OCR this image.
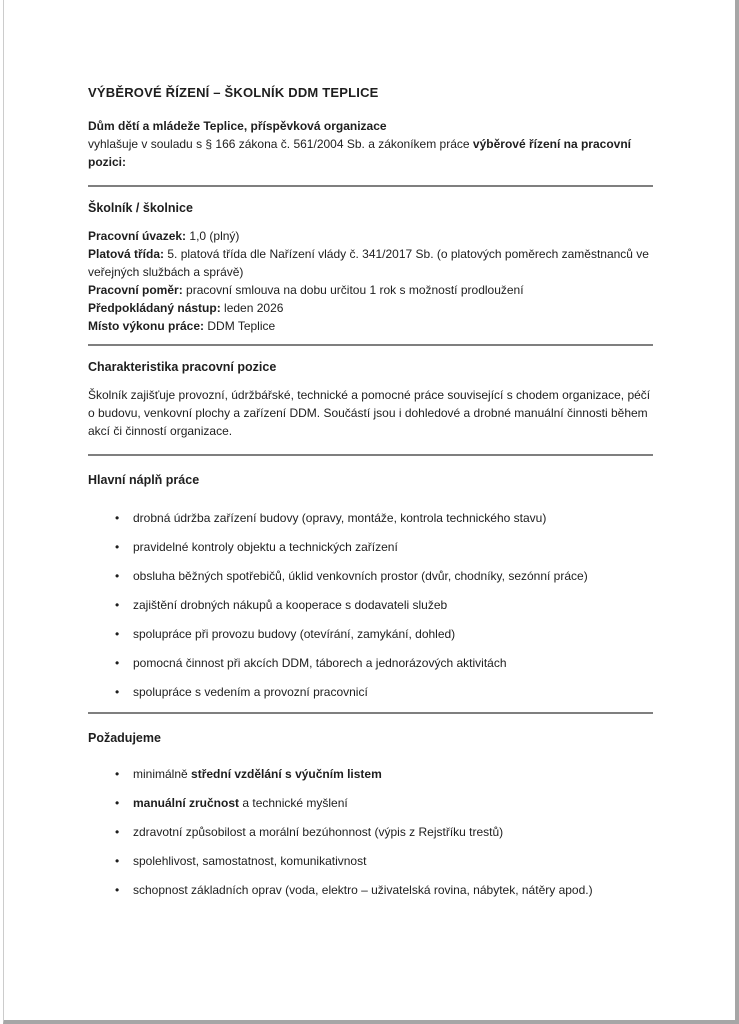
VÝBĚROVÉ ŘÍZENÍ – ŠKOLNÍK DDM TEPLICE

Dům dětí a mládeže Teplice, příspěvková organizace

vyhlašuje v souladu s § 166 zákona č. 561/2004 Sb. a zákoníkem práce výběrové řízení na pracovní pozici:

Školník / školnice
Pracovní úvazek: 1,0 (plný)
Platová třída: 5. platová třída dle Nařízení vlády č. 341/2017 Sb. (o platových poměrech zaměstnanců ve veřejných službách a správě)
Pracovní poměr: pracovní smlouva na dobu určitou 1 rok s možností prodloužení
Předpokládaný nástup: leden 2026
Místo výkonu práce: DDM Teplice
Charakteristika pracovní pozice

Školník zajišťuje provozní, údržbářské, technické a pomocné práce související s chodem organizace, péčí o budovu, venkovní plochy a zařízení DDM. Součástí jsou i dohledové a drobné manuální činnosti během akcí či činností organizace.

Hlavní náplň práce
• drobná údržba zařízení budovy (opravy, montáže, kontrola technického stavu)
• pravidelné kontroly objektu a technických zařízení
• obsluha běžných spotřebičů, úklid venkovních prostor (dvůr, chodníky, sezónní práce)
• zajištění drobných nákupů a kooperace s dodavateli služeb
• spolupráce při provozu budovy (otevírání, zamykání, dohled)
• pomocná činnost při akcích DDM, táborech a jednorázových aktivitách
• spolupráce s vedením a provozní pracovnicí
Požadujeme
• minimálně střední vzdělání s výučním listem
• manuální zručnost a technické myšlení
• zdravotní způsobilost a morální bezúhonnost (výpis z Rejstříku trestů)
• spolehlivost, samostatnost, komunikativnost
• schopnost základních oprav (voda, elektro – uživatelská rovina, nábytek, nátěry apod.)
